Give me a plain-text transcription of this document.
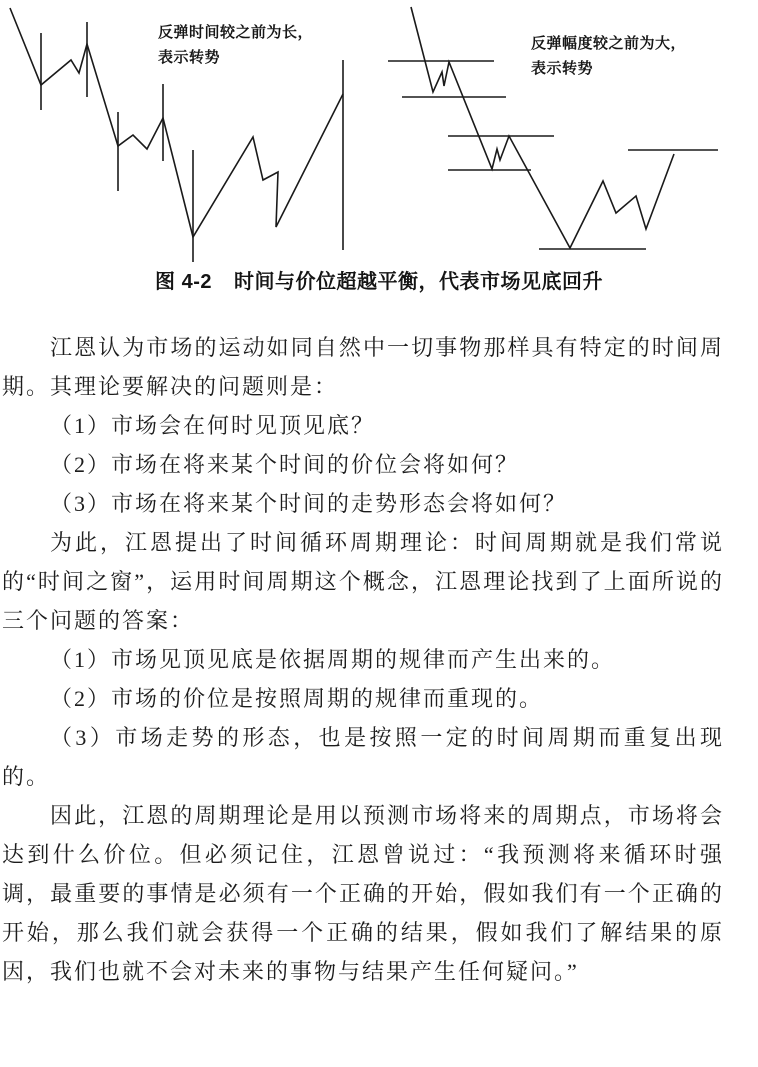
反弹时间较之前为长，
表示转势
反弹幅度较之前为大，
表示转势
图 4-2 时间与价位超越平衡，代表市场见底回升

江恩认为市场的运动如同自然中一切事物那样具有特定的时间周期。其理论要解决的问题则是：

（1）市场会在何时见顶见底？

（2）市场在将来某个时间的价位会将如何？

（3）市场在将来某个时间的走势形态会将如何？

为此，江恩提出了时间循环周期理论：时间周期就是我们常说的“时间之窗”，运用时间周期这个概念，江恩理论找到了上面所说的三个问题的答案：

（1）市场见顶见底是依据周期的规律而产生出来的。

（2）市场的价位是按照周期的规律而重现的。

（3）市场走势的形态，也是按照一定的时间周期而重复出现的。

因此，江恩的周期理论是用以预测市场将来的周期点，市场将会达到什么价位。但必须记住，江恩曾说过：“我预测将来循环时强调，最重要的事情是必须有一个正确的开始，假如我们有一个正确的开始，那么我们就会获得一个正确的结果，假如我们了解结果的原因，我们也就不会对未来的事物与结果产生任何疑问。”
